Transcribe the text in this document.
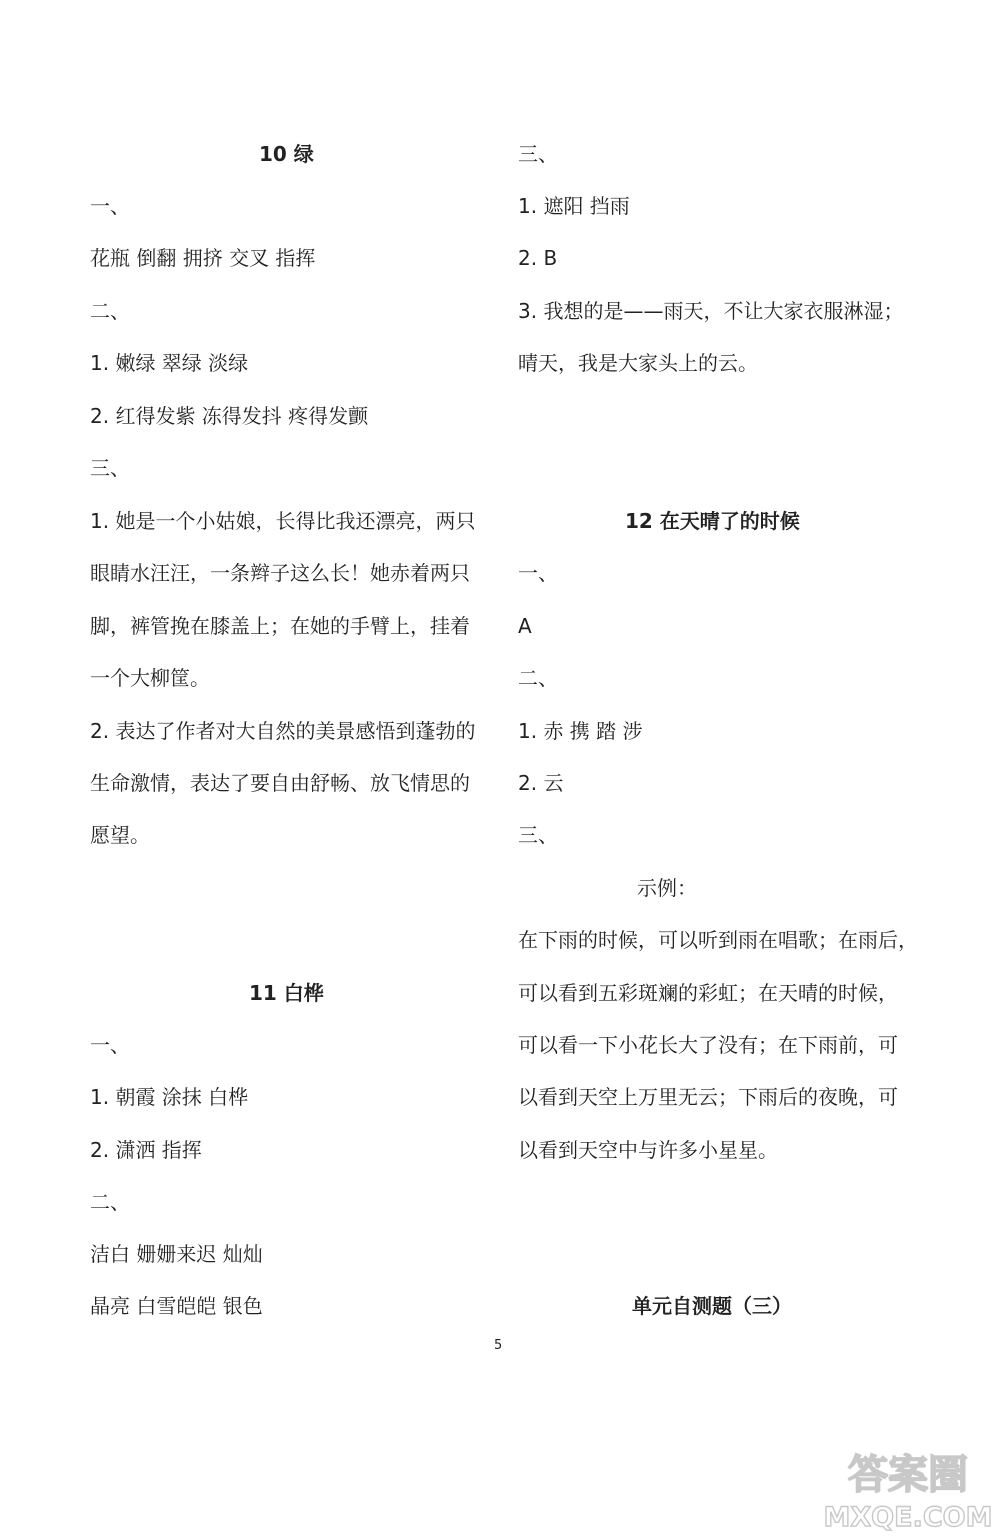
10 绿
一、
花瓶 倒翻 拥挤 交叉 指挥
二、
1. 嫩绿 翠绿 淡绿
2. 红得发紫 冻得发抖 疼得发颤
三、
1. 她是一个小姑娘，长得比我还漂亮，两只
眼睛水汪汪，一条辫子这么长！她赤着两只
脚，裤管挽在膝盖上；在她的手臂上，挂着
一个大柳筐。
2. 表达了作者对大自然的美景感悟到蓬勃的
生命激情，表达了要自由舒畅、放飞情思的
愿望。
11 白桦
一、
1. 朝霞 涂抹 白桦
2. 潇洒 指挥
二、
洁白 姗姗来迟 灿灿
晶亮 白雪皑皑 银色
三、
1. 遮阳 挡雨
2. B
3. 我想的是——雨天，不让大家衣服淋湿；
晴天，我是大家头上的云。
12 在天晴了的时候
一、
A
二、
1. 赤 携 踏 涉
2. 云
三、
示例：
在下雨的时候，可以听到雨在唱歌；在雨后，
可以看到五彩斑斓的彩虹；在天晴的时候，
可以看一下小花长大了没有；在下雨前，可
以看到天空上万里无云；下雨后的夜晚，可
以看到天空中与许多小星星。
单元自测题（三）
5
答案圈
MXQE.COM
